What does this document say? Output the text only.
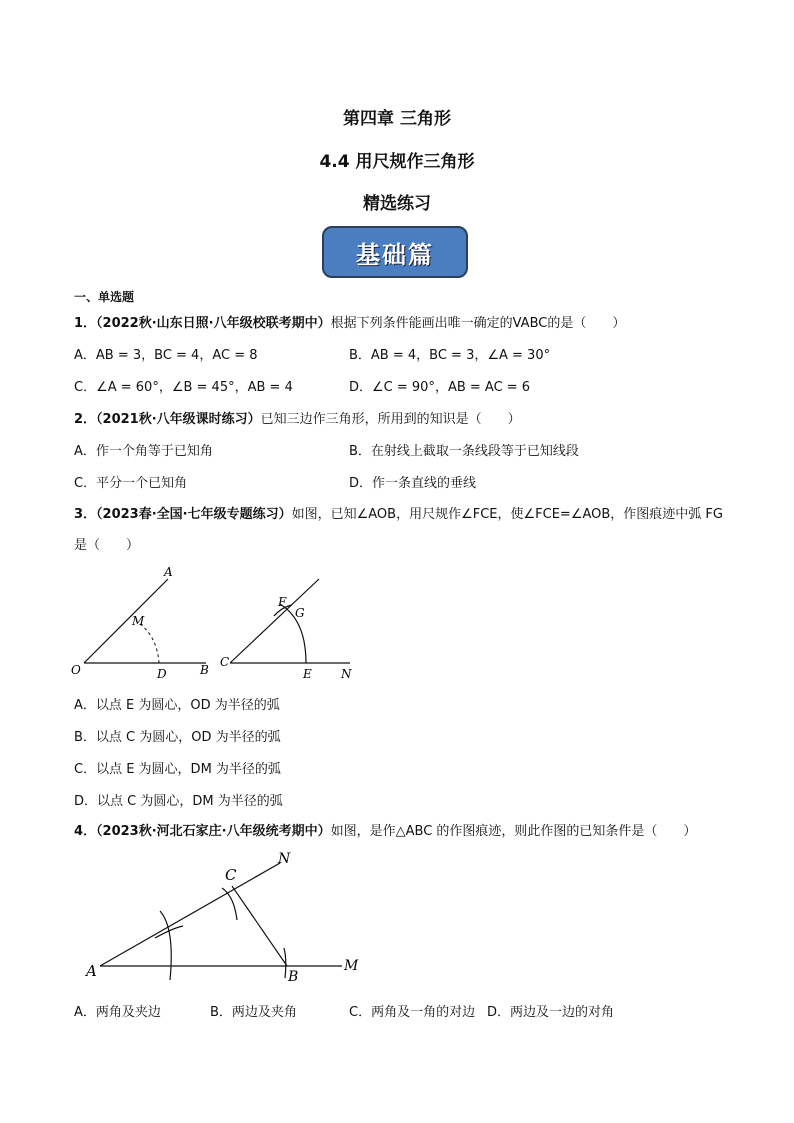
第四章 三角形
4.4 用尺规作三角形
精选练习
基础篇
一、单选题
1．（2022秋·山东日照·八年级校联考期中）根据下列条件能画出唯一确定的VABC的是（　　）
A．AB = 3，BC = 4，AC = 8	B．AB = 4，BC = 3，∠A = 30°
C．∠A = 60°，∠B = 45°，AB = 4	D．∠C = 90°，AB = AC = 6
2．（2021秋·八年级课时练习）已知三边作三角形，所用到的知识是（　　）
A．作一个角等于已知角	B．在射线上截取一条线段等于已知线段
C．平分一个已知角	D．作一条直线的垂线
3．（2023春·全国·七年级专题练习）如图，已知∠AOB，用尺规作∠FCE，使∠FCE=∠AOB，作图痕迹中弧 FG
是（　　）
A
M
O	D	B
F
G
C
E N
A．以点 E 为圆心，OD 为半径的弧
B．以点 C 为圆心，OD 为半径的弧
C．以点 E 为圆心，DM 为半径的弧
D．以点 C 为圆心，DM 为半径的弧
4．（2023秋·河北石家庄·八年级统考期中）如图，是作△ABC 的作图痕迹，则此作图的已知条件是（　　）
C
N
A	B
M
A．两角及夹边	B．两边及夹角	C．两角及一角的对边 D．两边及一边的对角
